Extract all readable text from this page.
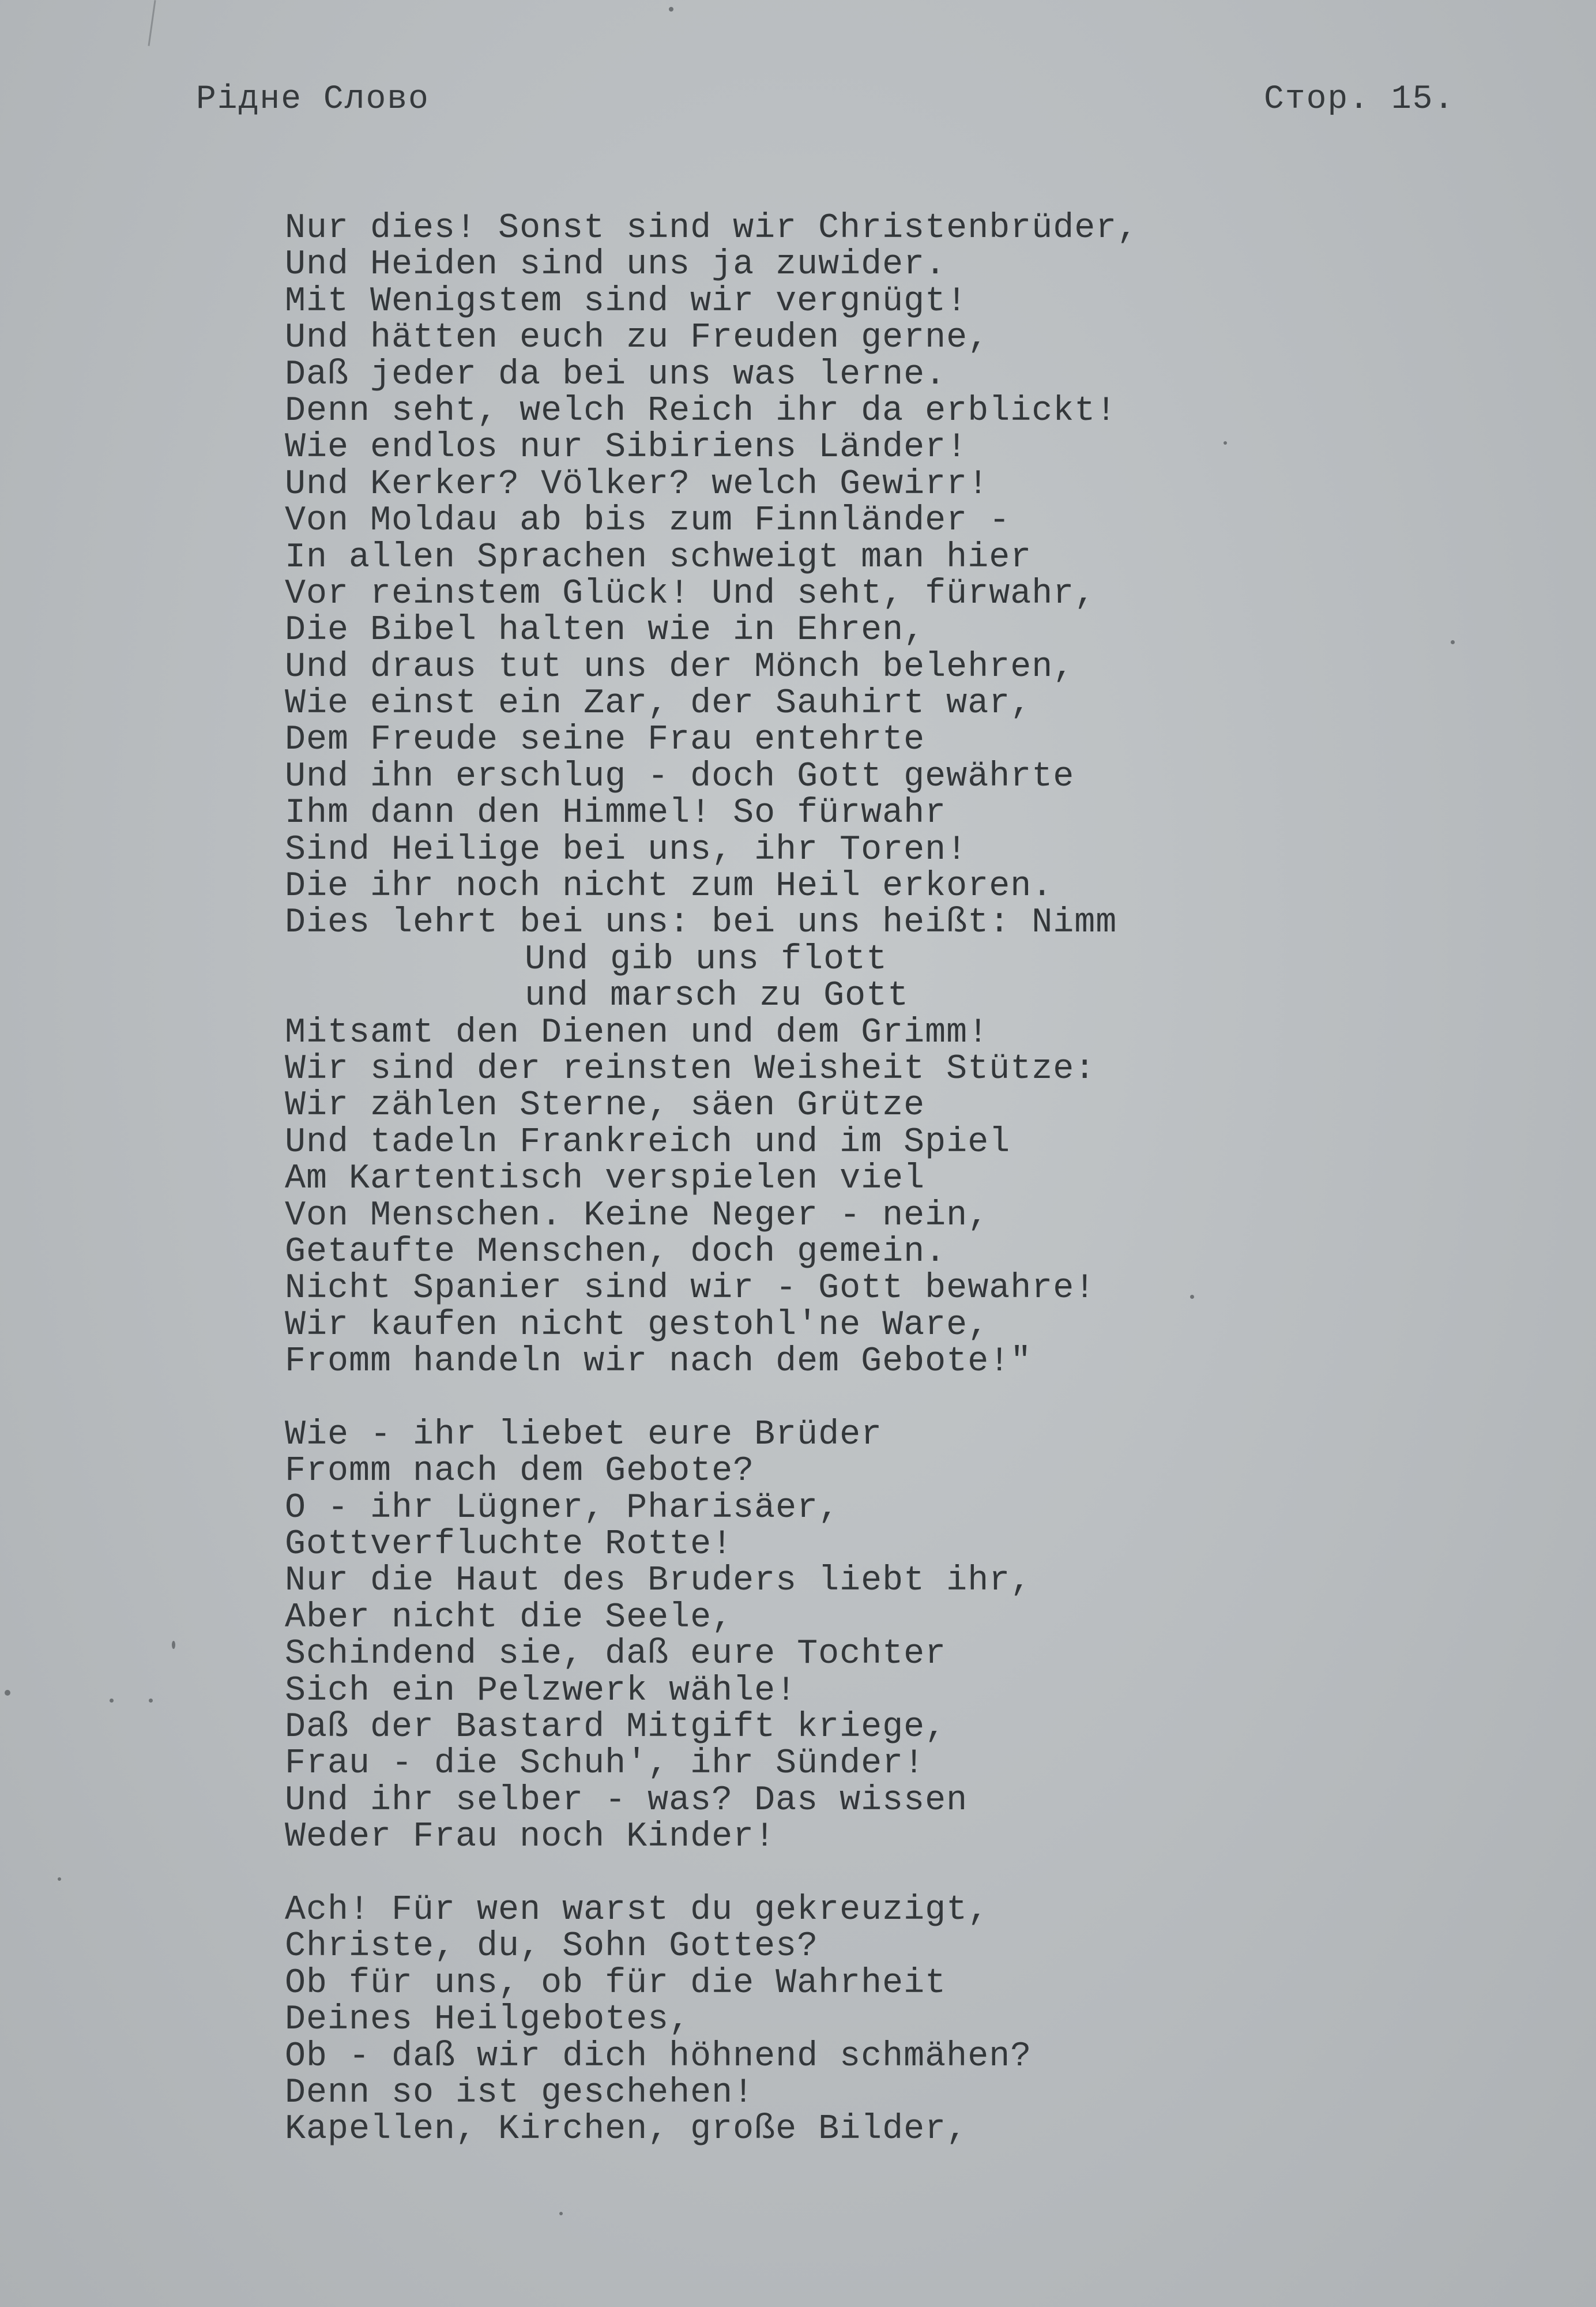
Рідне Слово	Стор. 15.
Nur dies! Sonst sind wir Christenbrüder,
Und Heiden sind uns ja zuwider.
Mit Wenigstem sind wir vergnügt!
Und hätten euch zu Freuden gerne,
Daß jeder da bei uns was lerne.
Denn seht, welch Reich ihr da erblickt!
Wie endlos nur Sibiriens Länder!
Und Kerker? Völker? welch Gewirr!
Von Moldau ab bis zum Finnländer -
In allen Sprachen schweigt man hier
Vor reinstem Glück! Und seht, fürwahr,
Die Bibel halten wie in Ehren,
Und draus tut uns der Mönch belehren,
Wie einst ein Zar, der Sauhirt war,
Dem Freude seine Frau entehrte
Und ihn erschlug - doch Gott gewährte
Ihm dann den Himmel! So fürwahr
Sind Heilige bei uns, ihr Toren!
Die ihr noch nicht zum Heil erkoren.
Dies lehrt bei uns: bei uns heißt: Nimm
Und gib uns flott
und marsch zu Gott
Mitsamt den Dienen und dem Grimm!
Wir sind der reinsten Weisheit Stütze:
Wir zählen Sterne, säen Grütze
Und tadeln Frankreich und im Spiel
Am Kartentisch verspielen viel
Von Menschen. Keine Neger - nein,
Getaufte Menschen, doch gemein.
Nicht Spanier sind wir - Gott bewahre!
Wir kaufen nicht gestohl'ne Ware,
Fromm handeln wir nach dem Gebote!"
Wie - ihr liebet eure Brüder
Fromm nach dem Gebote?
O - ihr Lügner, Pharisäer,
Gottverfluchte Rotte!
Nur die Haut des Bruders liebt ihr,
Aber nicht die Seele,
Schindend sie, daß eure Tochter
Sich ein Pelzwerk wähle!
Daß der Bastard Mitgift kriege,
Frau - die Schuh', ihr Sünder!
Und ihr selber - was? Das wissen
Weder Frau noch Kinder!
Ach! Für wen warst du gekreuzigt,
Christe, du, Sohn Gottes?
Ob für uns, ob für die Wahrheit
Deines Heilgebotes,
Ob - daß wir dich höhnend schmähen?
Denn so ist geschehen!
Kapellen, Kirchen, große Bilder,
